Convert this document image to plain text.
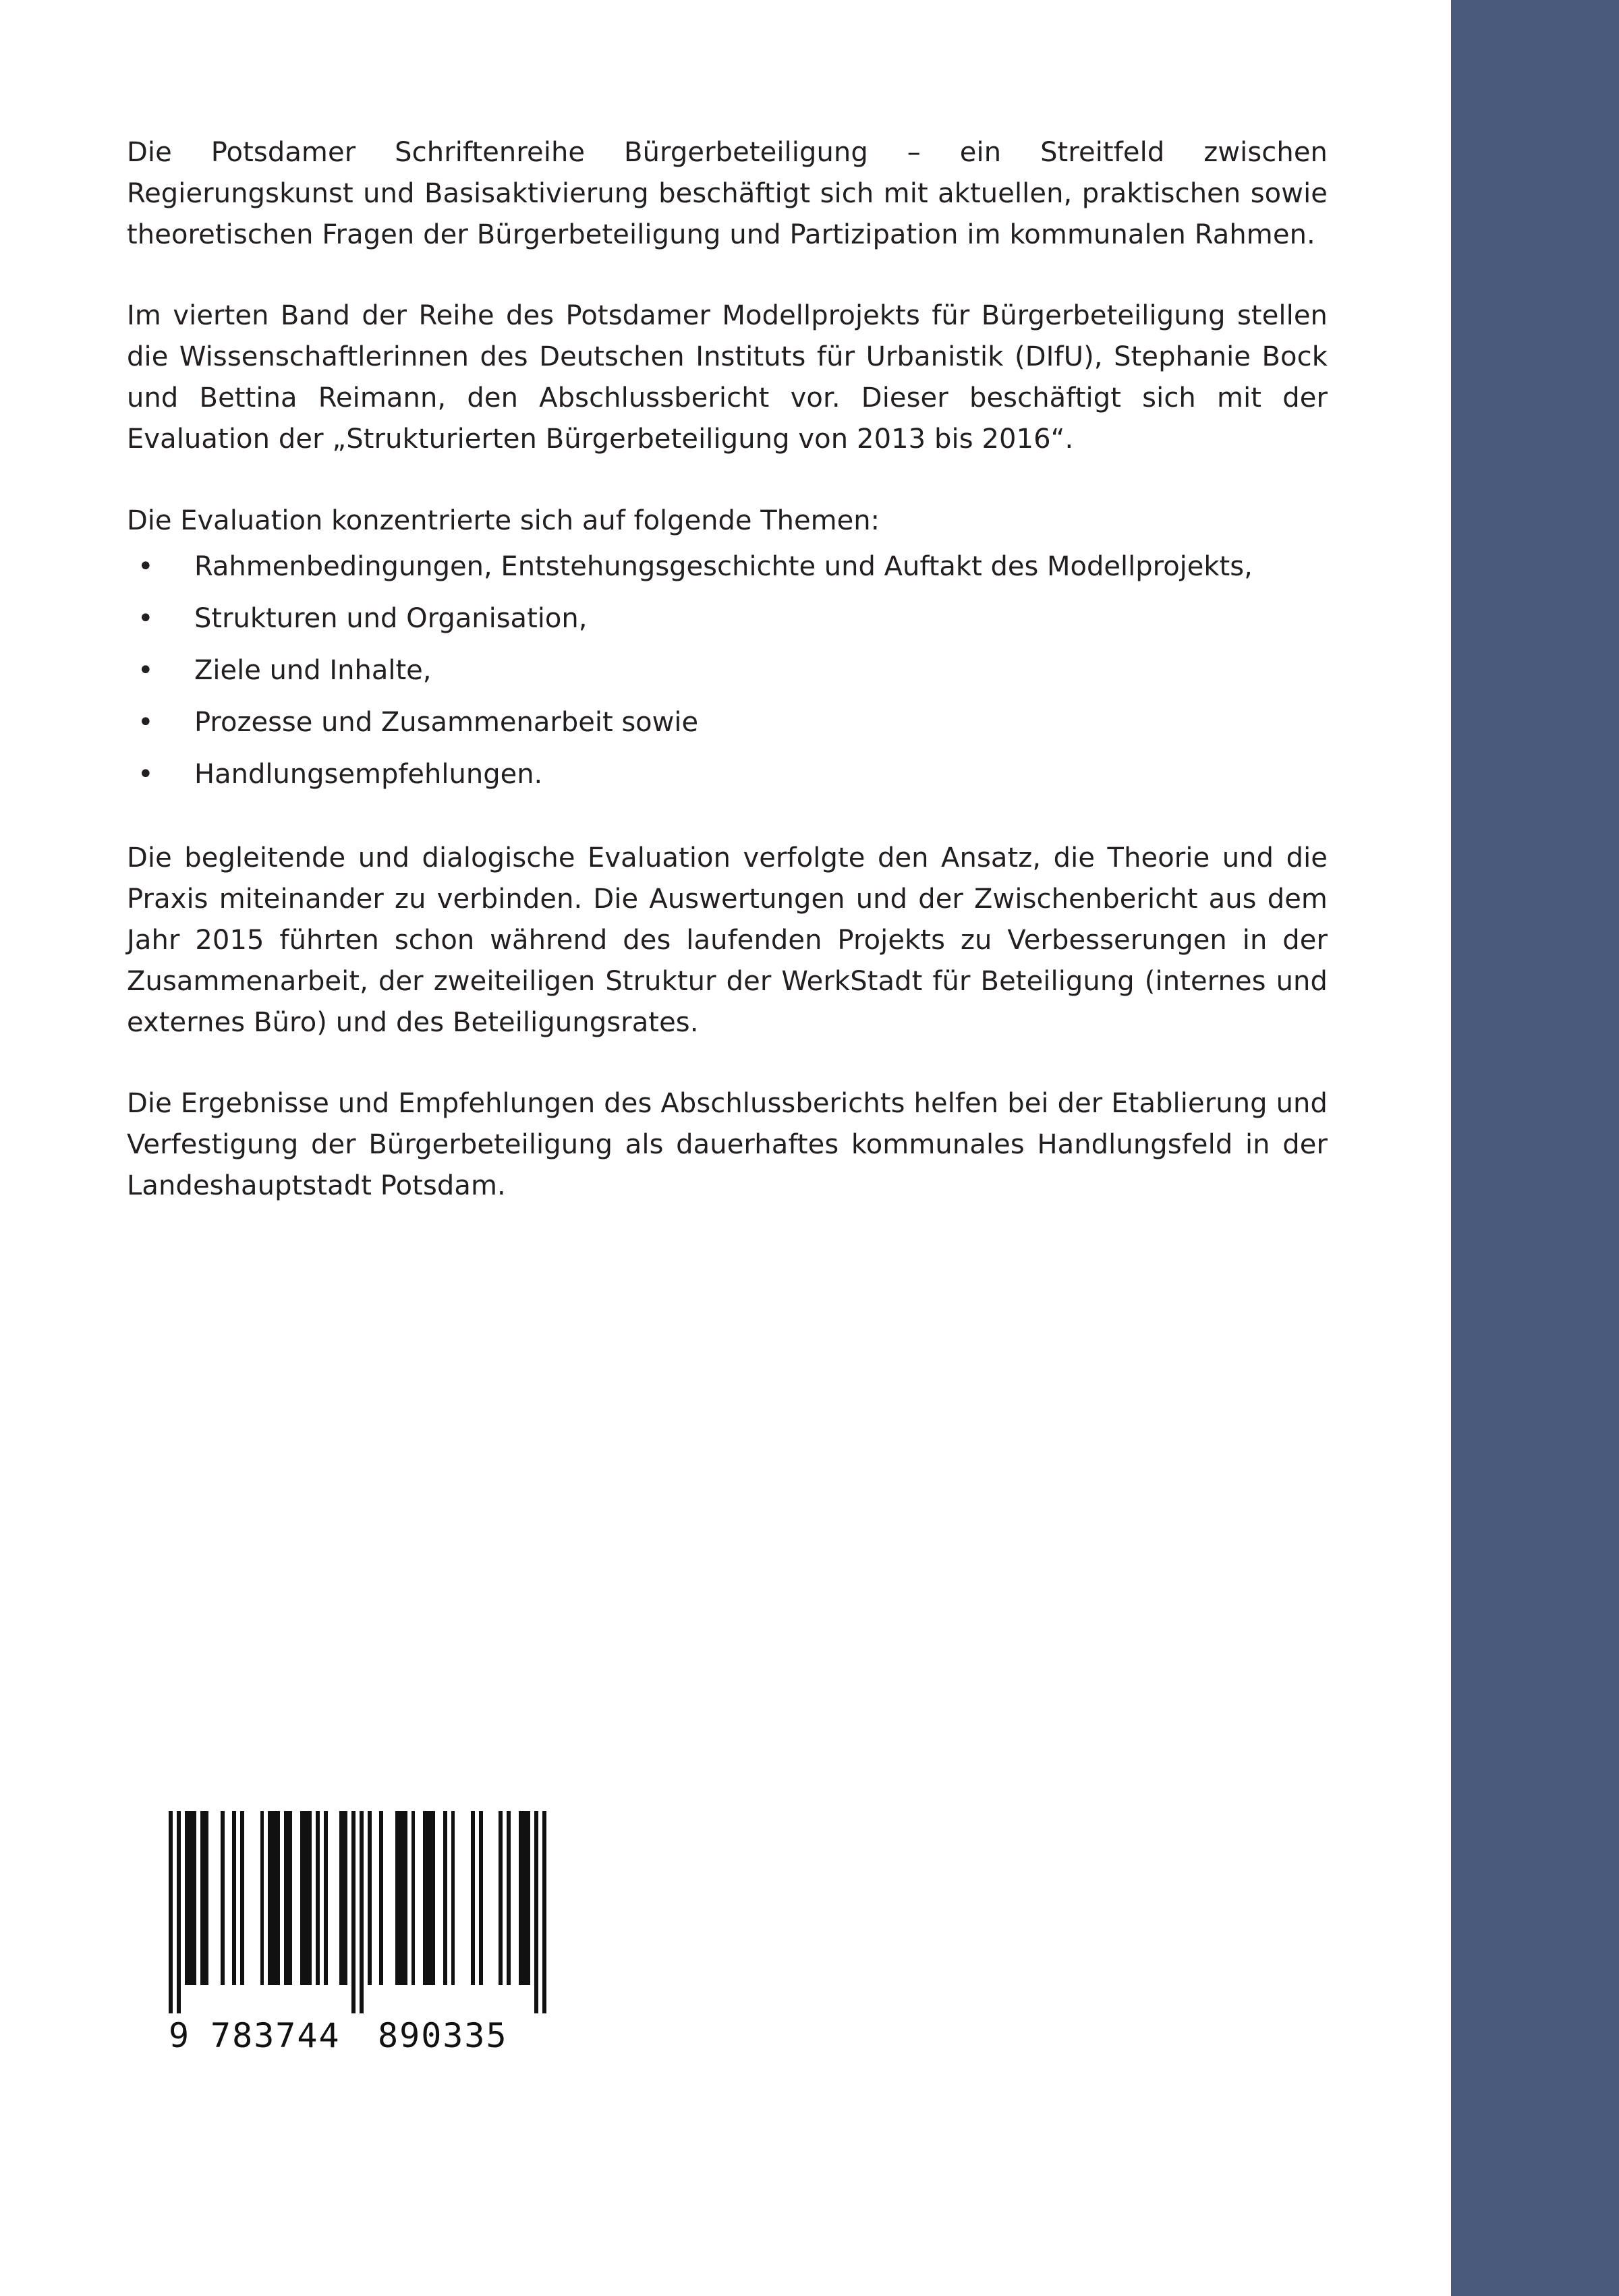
Die Potsdamer Schriftenreihe Bürgerbeteiligung – ein Streitfeld zwischen Regierungskunst und Basisaktivierung beschäftigt sich mit aktuellen, praktischen sowie theoretischen Fragen der Bürgerbeteiligung und Partizipation im kommunalen Rahmen.

Im vierten Band der Reihe des Potsdamer Modellprojekts für Bürgerbeteiligung stellen die Wissenschaftlerinnen des Deutschen Instituts für Urbanistik (DIfU), Stephanie Bock und Bettina Reimann, den Abschlussbericht vor. Dieser beschäftigt sich mit der Evaluation der „Strukturierten Bürgerbeteiligung von 2013 bis 2016“.

Die Evaluation konzentrierte sich auf folgende Themen:

• Rahmenbedingungen, Entstehungsgeschichte und Auftakt des Modellprojekts,
• Strukturen und Organisation,
• Ziele und Inhalte,
• Prozesse und Zusammenarbeit sowie
• Handlungsempfehlungen.

Die begleitende und dialogische Evaluation verfolgte den Ansatz, die Theorie und die Praxis miteinander zu verbinden. Die Auswertungen und der Zwischenbericht aus dem Jahr 2015 führten schon während des laufenden Projekts zu Verbesserungen in der Zusammenarbeit, der zweiteiligen Struktur der WerkStadt für Beteiligung (internes und externes Büro) und des Beteiligungsrates.

Die Ergebnisse und Empfehlungen des Abschlussberichts helfen bei der Etablierung und Verfestigung der Bürgerbeteiligung als dauerhaftes kommunales Handlungsfeld in der Landeshauptstadt Potsdam.

9 783744 890335
